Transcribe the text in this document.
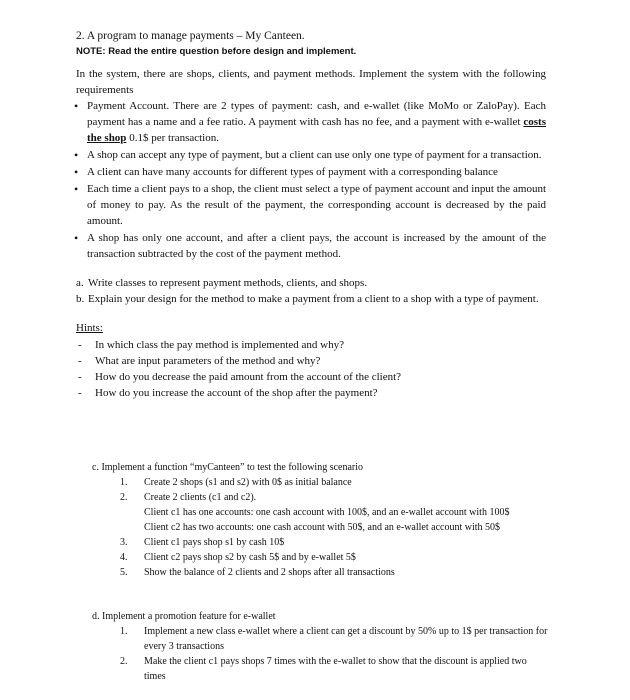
2. A program to manage payments – My Canteen.
NOTE: Read the entire question before design and implement.
In the system, there are shops, clients, and payment methods. Implement the system with the following requirements
• Payment Account. There are 2 types of payment: cash, and e-wallet (like MoMo or ZaloPay). Each payment has a name and a fee ratio. A payment with cash has no fee, and a payment with e-wallet costs the shop 0.1$ per transaction.
• A shop can accept any type of payment, but a client can use only one type of payment for a transaction.
• A client can have many accounts for different types of payment with a corresponding balance
• Each time a client pays to a shop, the client must select a type of payment account and input the amount of money to pay. As the result of the payment, the corresponding account is decreased by the paid amount.
• A shop has only one account, and after a client pays, the account is increased by the amount of the transaction subtracted by the cost of the payment method.
a. Write classes to represent payment methods, clients, and shops.
b. Explain your design for the method to make a payment from a client to a shop with a type of payment.
Hints:
- In which class the pay method is implemented and why?
- What are input parameters of the method and why?
- How do you decrease the paid amount from the account of the client?
- How do you increase the account of the shop after the payment?
c. Implement a function “myCanteen” to test the following scenario
1. Create 2 shops (s1 and s2) with 0$ as initial balance
2. Create 2 clients (c1 and c2).
Client c1 has one accounts: one cash account with 100$, and an e-wallet account with 100$
Client c2 has two accounts: one cash account with 50$, and an e-wallet account with 50$
3. Client c1 pays shop s1 by cash 10$
4. Client c2 pays shop s2 by cash 5$ and by e-wallet 5$
5. Show the balance of 2 clients and 2 shops after all transactions
d. Implement a promotion feature for e-wallet
1. Implement a new class e-wallet where a client can get a discount by 50% up to 1$ per transaction for every 3 transactions
2. Make the client c1 pays shops 7 times with the e-wallet to show that the discount is applied two times
